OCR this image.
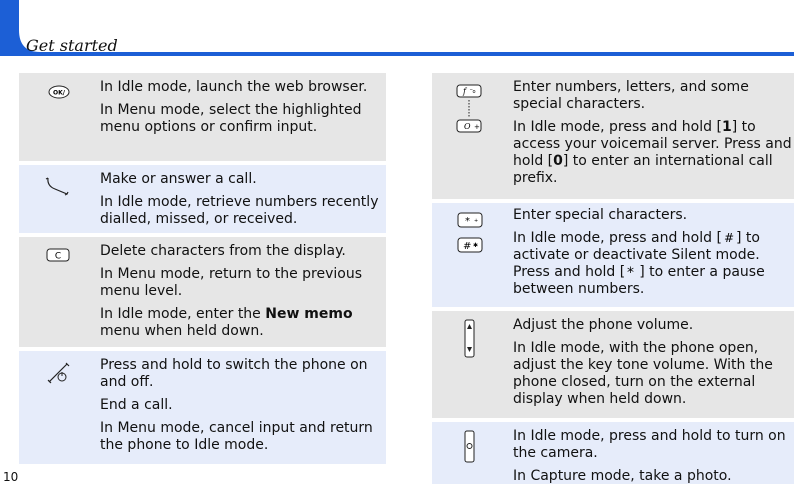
Get started
10
OK/	In Idle mode, launch the web browser.

In Menu mode, select the highlighted menu options or confirm input.

Make or answer a call.

In Idle mode, retrieve numbers recently dialled, missed, or received.

C	Delete characters from the display.

In Menu mode, return to the previous menu level.

In Idle mode, enter the New memo menu when held down.

Press and hold to switch the phone on and off.

End a call.

In Menu mode, cancel input and return the phone to Idle mode.

f ‾o
O +

Enter numbers, letters, and some special characters.

In Idle mode, press and hold [1] to access your voicemail server. Press and hold [0] to enter an international call prefix.

* +
# ✱

Enter special characters.

In Idle mode, press and hold [ # ] to activate or deactivate Silent mode. Press and hold [ * ] to enter a pause between numbers.

Adjust the phone volume.

In Idle mode, with the phone open, adjust the key tone volume. With the phone closed, turn on the external display when held down.

In Idle mode, press and hold to turn on the camera.

In Capture mode, take a photo.
